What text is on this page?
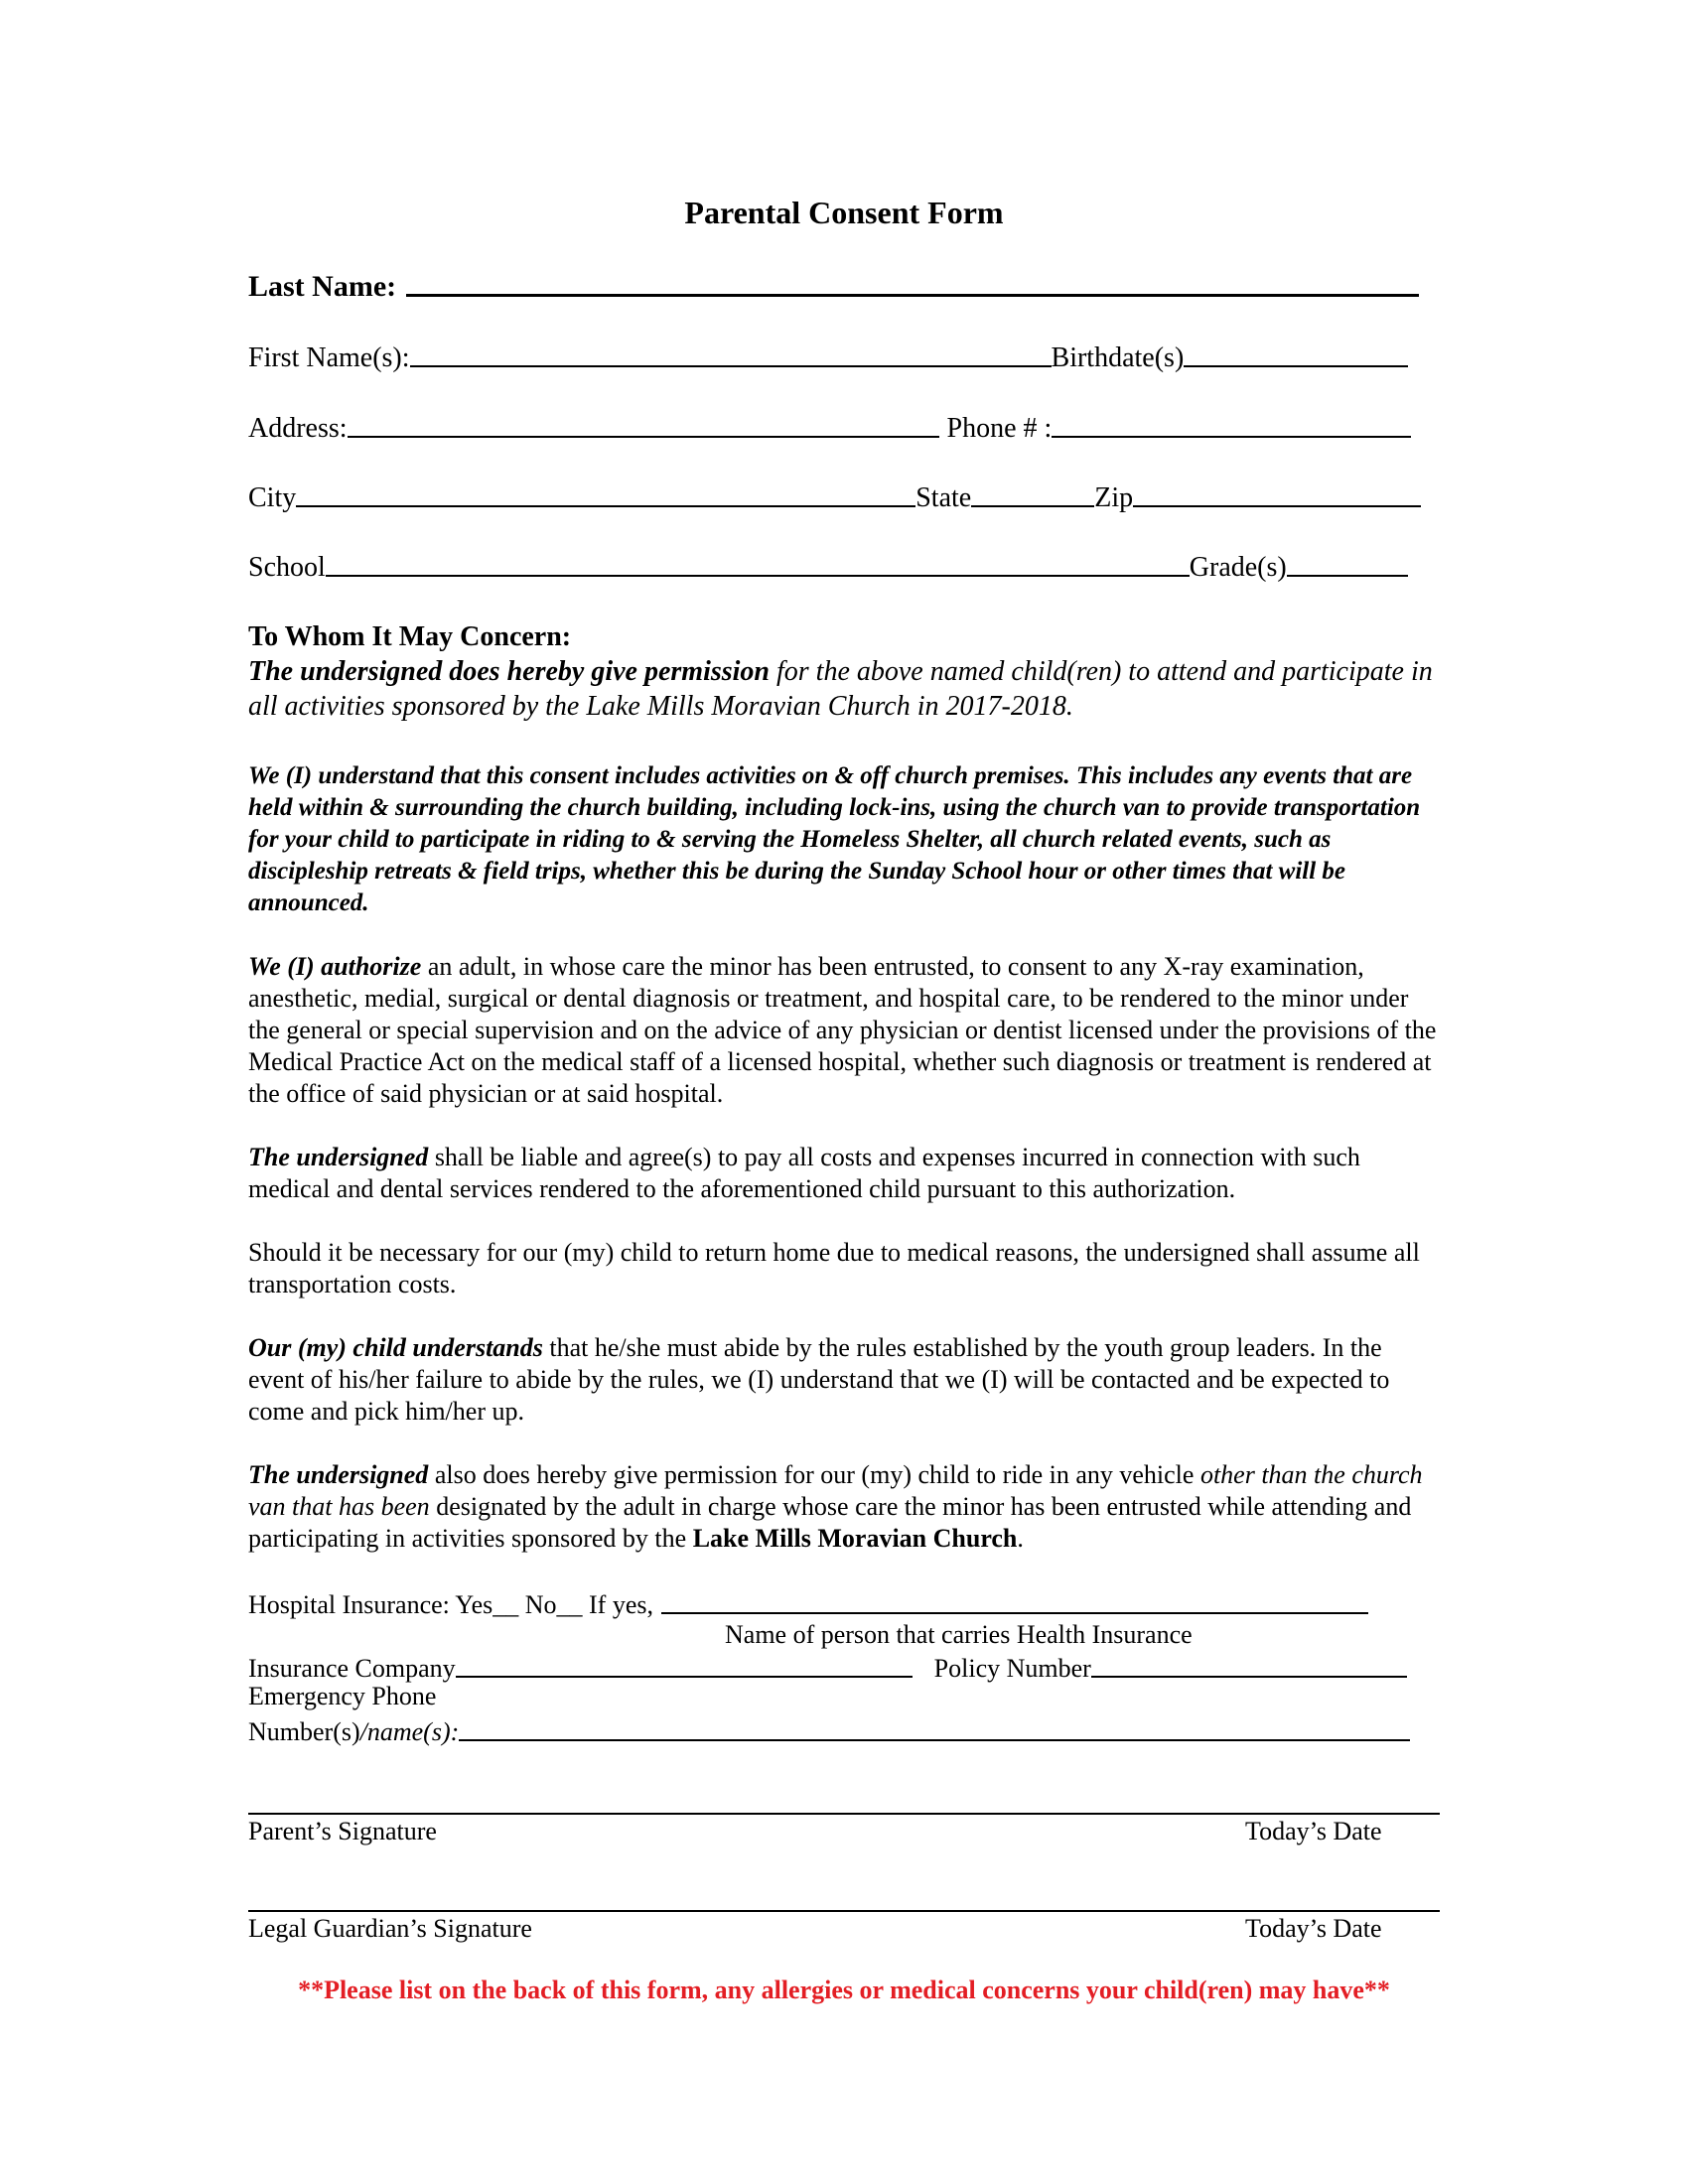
Parental Consent Form
Last Name:
First Name(s):	Birthdate(s)
Address:	Phone # :
City	State	Zip
School	Grade(s)
To Whom It May Concern:
The undersigned does hereby give permission for the above named child(ren) to attend and participate in all activities sponsored by the Lake Mills Moravian Church in 2017-2018.

We (I) understand that this consent includes activities on & off church premises. This includes any events that are held within & surrounding the church building, including lock-ins, using the church van to provide transportation for your child to participate in riding to & serving the Homeless Shelter, all church related events, such as discipleship retreats & field trips, whether this be during the Sunday School hour or other times that will be announced.

We (I) authorize an adult, in whose care the minor has been entrusted, to consent to any X-ray examination, anesthetic, medial, surgical or dental diagnosis or treatment, and hospital care, to be rendered to the minor under the general or special supervision and on the advice of any physician or dentist licensed under the provisions of the Medical Practice Act on the medical staff of a licensed hospital, whether such diagnosis or treatment is rendered at the office of said physician or at said hospital.

The undersigned shall be liable and agree(s) to pay all costs and expenses incurred in connection with such medical and dental services rendered to the aforementioned child pursuant to this authorization.

Should it be necessary for our (my) child to return home due to medical reasons, the undersigned shall assume all transportation costs.

Our (my) child understands that he/she must abide by the rules established by the youth group leaders. In the event of his/her failure to abide by the rules, we (I) understand that we (I) will be contacted and be expected to come and pick him/her up.

The undersigned also does hereby give permission for our (my) child to ride in any vehicle other than the church van that has been designated by the adult in charge whose care the minor has been entrusted while attending and participating in activities sponsored by the Lake Mills Moravian Church.

Hospital Insurance: Yes__ No__ If yes,
Name of person that carries Health Insurance
Insurance Company	Policy Number
Emergency Phone
Number(s) /name(s):
Parent’s Signature	Today’s Date
Legal Guardian’s Signature	Today’s Date
**Please list on the back of this form, any allergies or medical concerns your child(ren) may have**
